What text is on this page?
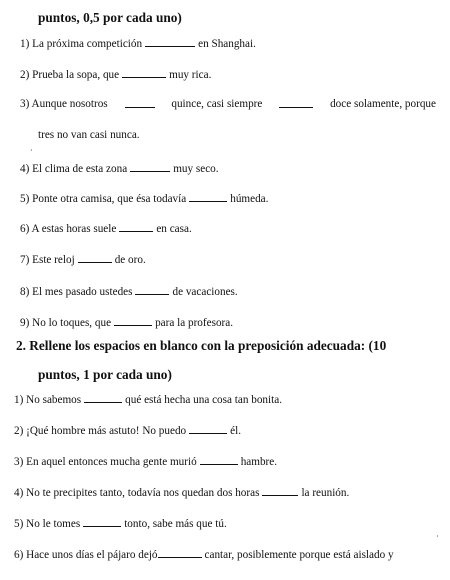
puntos, 0,5 por cada uno)
1) La próxima competición	en Shanghai.
2) Prueba la sopa, que	muy rica.
3) Aunque nosotros	quince, casi siempre	doce solamente, porque
tres no van casi nunca.
·
4) El clima de esta zona	muy seco.
5) Ponte otra camisa, que ésa todavía	húmeda.
6) A estas horas suele	en casa.
7) Este reloj	de oro.
8) El mes pasado ustedes	de vacaciones.
9) No lo toques, que	para la profesora.
2. Rellene los espacios en blanco con la preposición adecuada: (10
puntos, 1 por cada uno)
1) No sabemos	qué está hecha una cosa tan bonita.
2) ¡Qué hombre más astuto! No puedo	él.
3) En aquel entonces mucha gente murió	hambre.
4) No te precipites tanto, todavía nos quedan dos horas	la reunión.
5) No le tomes	tonto, sabe más que tú.
·
6) Hace unos días el pájaro dejó	cantar, posiblemente porque está aislado y
